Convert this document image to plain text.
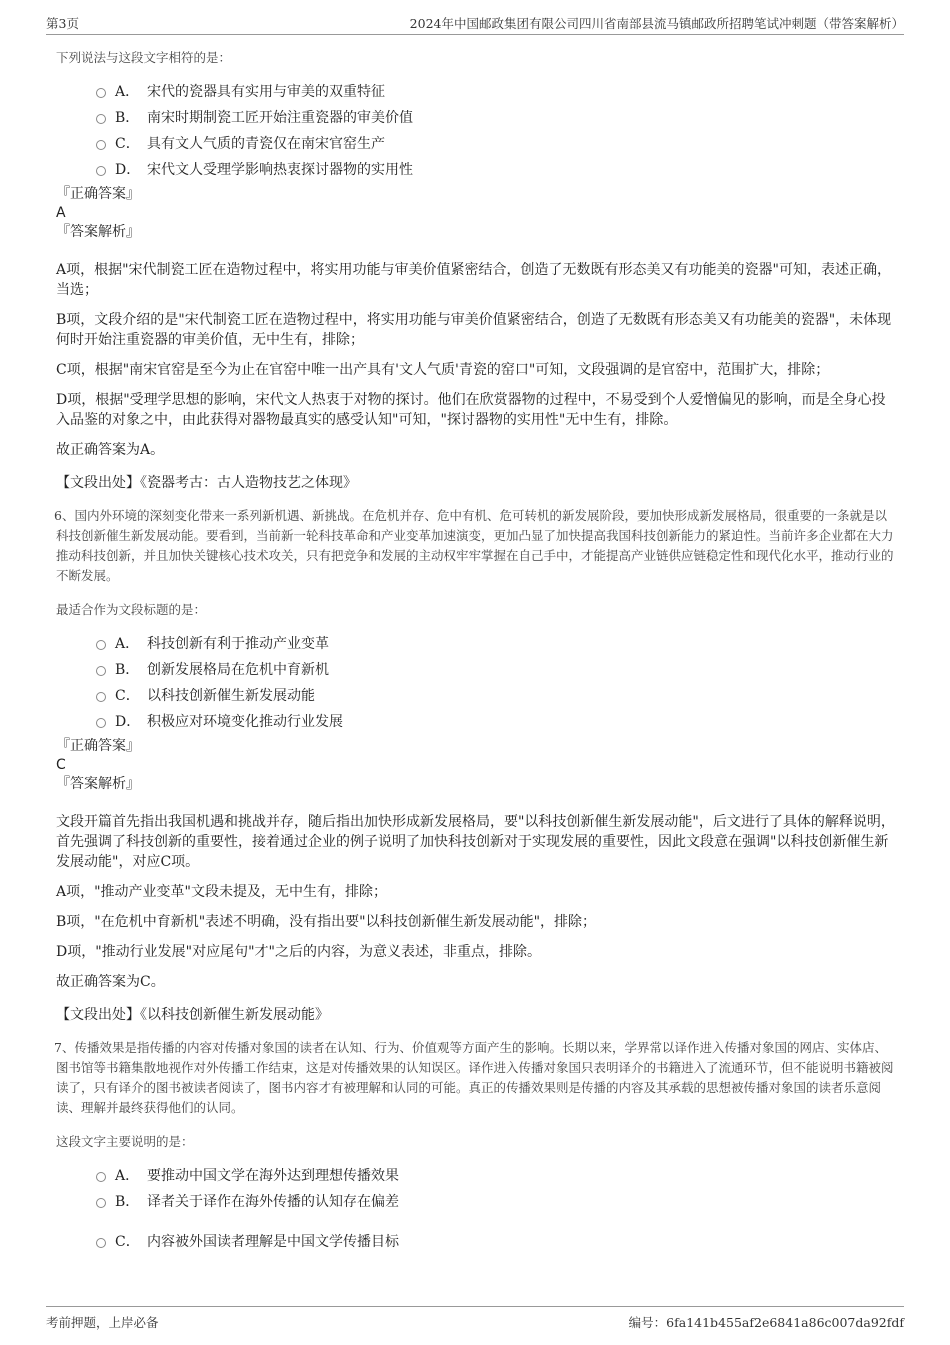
第3页	2024年中国邮政集团有限公司四川省南部县流马镇邮政所招聘笔试冲刺题（带答案解析）
下列说法与这段文字相符的是：
A． 宋代的瓷器具有实用与审美的双重特征
B． 南宋时期制瓷工匠开始注重瓷器的审美价值
C． 具有文人气质的青瓷仅在南宋官窑生产
D． 宋代文人受理学影响热衷探讨器物的实用性
『正确答案』
A
『答案解析』

A项，根据"宋代制瓷工匠在造物过程中，将实用功能与审美价值紧密结合，创造了无数既有形态美又有功能美的瓷器"可知，表述正确，当选；

B项，文段介绍的是"宋代制瓷工匠在造物过程中，将实用功能与审美价值紧密结合，创造了无数既有形态美又有功能美的瓷器"，未体现何时开始注重瓷器的审美价值，无中生有，排除；

C项，根据"南宋官窑是至今为止在官窑中唯一出产具有'文人气质'青瓷的窑口"可知，文段强调的是官窑中，范围扩大，排除；

D项，根据"受理学思想的影响，宋代文人热衷于对物的探讨。他们在欣赏器物的过程中，不易受到个人爱憎偏见的影响，而是全身心投入品鉴的对象之中，由此获得对器物最真实的感受认知"可知，"探讨器物的实用性"无中生有，排除。

故正确答案为A。

【文段出处】《瓷器考古：古人造物技艺之体现》

6、国内外环境的深刻变化带来一系列新机遇、新挑战。在危机并存、危中有机、危可转机的新发展阶段，要加快形成新发展格局，很重要的一条就是以科技创新催生新发展动能。要看到，当前新一轮科技革命和产业变革加速演变，更加凸显了加快提高我国科技创新能力的紧迫性。当前许多企业都在大力推动科技创新，并且加快关键核心技术攻关，只有把竞争和发展的主动权牢牢掌握在自己手中，才能提高产业链供应链稳定性和现代化水平，推动行业的不断发展。

最适合作为文段标题的是：
A． 科技创新有利于推动产业变革
B． 创新发展格局在危机中育新机
C． 以科技创新催生新发展动能
D． 积极应对环境变化推动行业发展
『正确答案』
C
『答案解析』

文段开篇首先指出我国机遇和挑战并存，随后指出加快形成新发展格局，要"以科技创新催生新发展动能"，后文进行了具体的解释说明，首先强调了科技创新的重要性，接着通过企业的例子说明了加快科技创新对于实现发展的重要性，因此文段意在强调"以科技创新催生新发展动能"，对应C项。

A项，"推动产业变革"文段未提及，无中生有，排除；

B项，"在危机中育新机"表述不明确，没有指出要"以科技创新催生新发展动能"，排除；

D项，"推动行业发展"对应尾句"才"之后的内容，为意义表述，非重点，排除。

故正确答案为C。

【文段出处】《以科技创新催生新发展动能》

7、传播效果是指传播的内容对传播对象国的读者在认知、行为、价值观等方面产生的影响。长期以来，学界常以译作进入传播对象国的网店、实体店、图书馆等书籍集散地视作对外传播工作结束，这是对传播效果的认知误区。译作进入传播对象国只表明译介的书籍进入了流通环节，但不能说明书籍被阅读了，只有译介的图书被读者阅读了，图书内容才有被理解和认同的可能。真正的传播效果则是传播的内容及其承载的思想被传播对象国的读者乐意阅读、理解并最终获得他们的认同。

这段文字主要说明的是：
A． 要推动中国文学在海外达到理想传播效果
B． 译者关于译作在海外传播的认知存在偏差
C． 内容被外国读者理解是中国文学传播目标
考前押题，上岸必备	编号：6fa141b455af2e6841a86c007da92fdf
